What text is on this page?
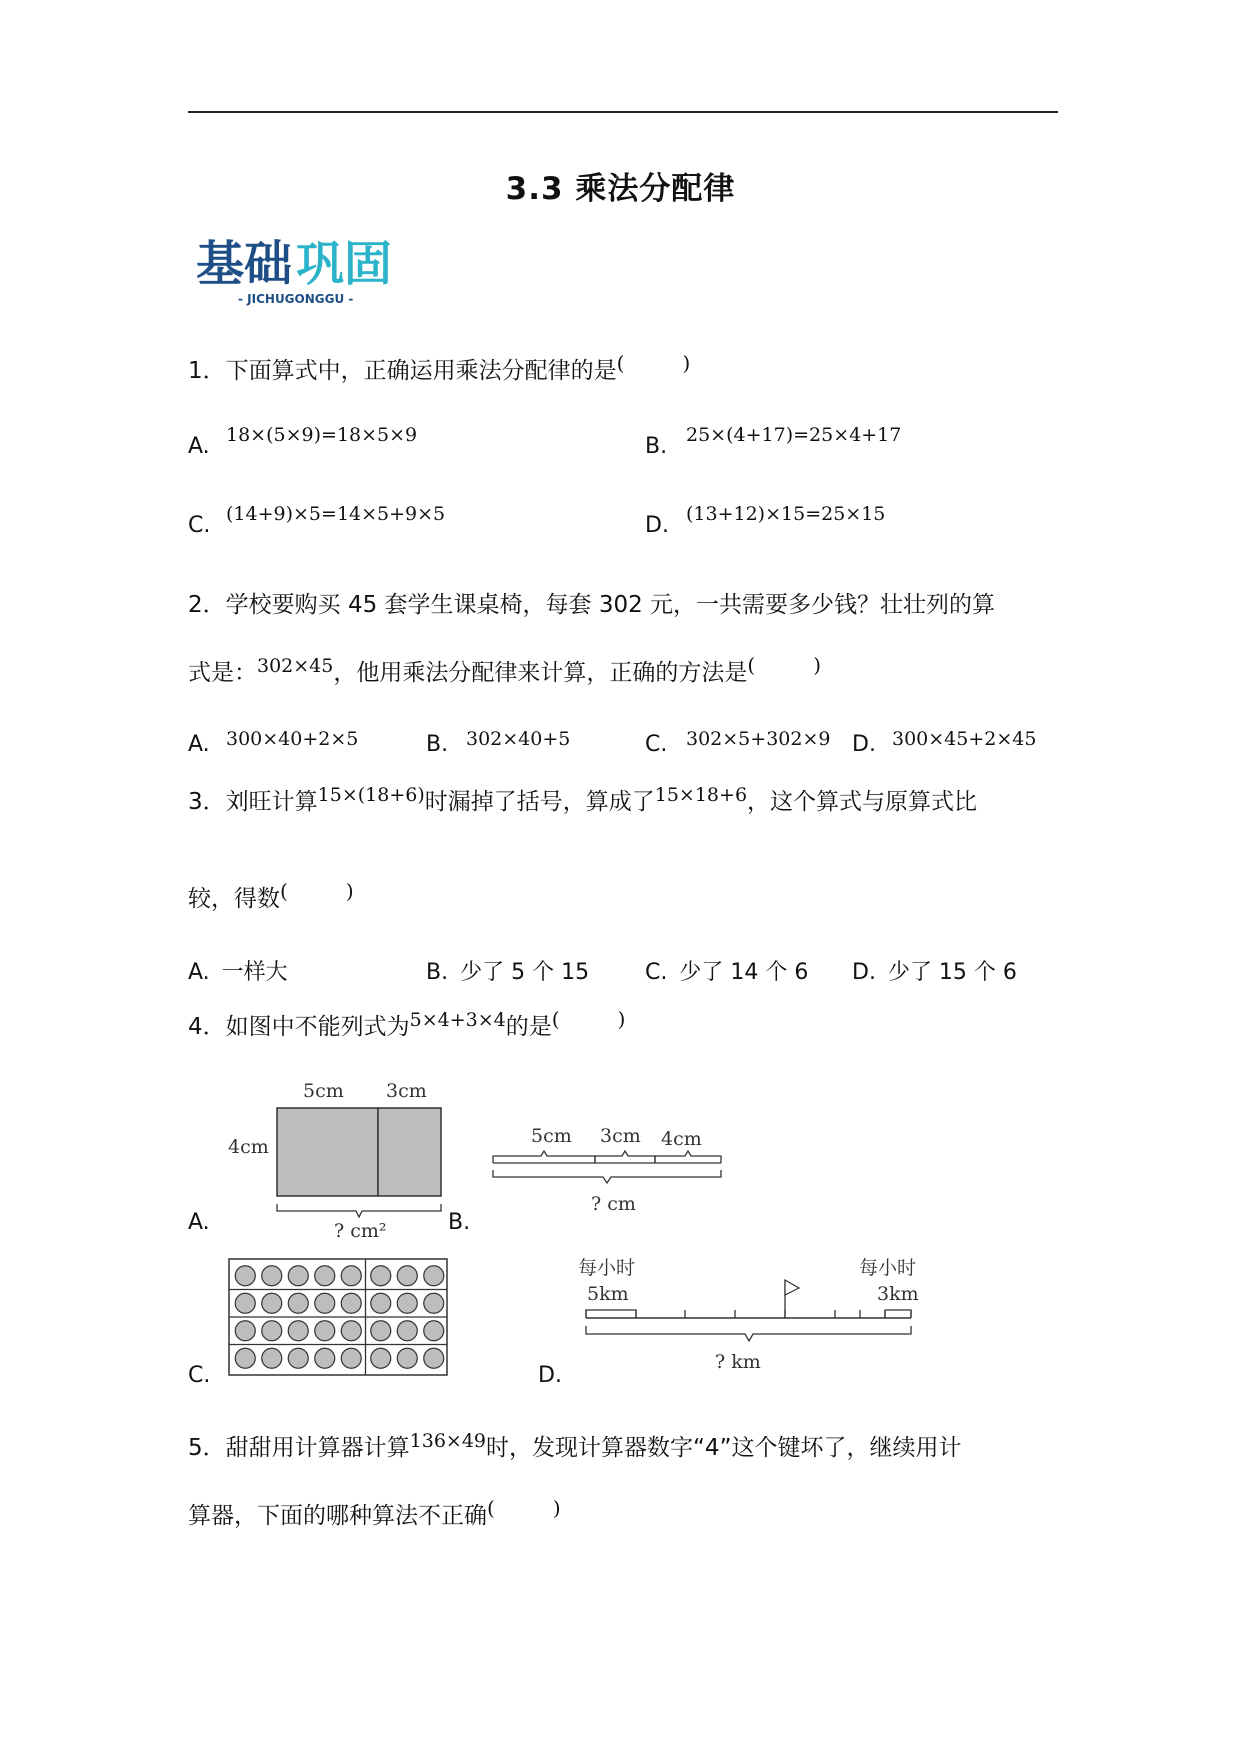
3.3 乘法分配律
基础 巩固
- JICHUGONGGU -
1．下面算式中，正确运用乘法分配律的是(	)
A. 18×(5×9)=18×5×9	B. 25×(4+17)=25×4+17
C. (14+9)×5=14×5+9×5	D. (13+12)×15=25×15
2．学校要购买 45 套学生课桌椅，每套 302 元，一共需要多少钱？壮壮列的算
式是：$^{302\times 45}$，他用乘法分配律来计算，正确的方法是(	)
A. 300×40+2×5	B. 302×40+5	C. 302×5+302×9 D. 300×45+2×45
3．刘旺计算$^{15\times(18+6)}$时漏掉了括号，算成了$^{15\times 18+6}$，这个算式与原算式比
较，得数(	)
A. 一样大	B. 少了 5 个 15	C. 少了 14 个 6 D. 少了 15 个 6
4．如图中不能列式为$^{5\times 4+3\times 4}$的是(	)
A.
5cm 3cm
4cm
? cm²	B.
5cm 3cm 4cm
? cm
C.	D.
每小时
5km
每小时
3km
? km
5．甜甜用计算器计算$^{136\times 49}$时，发现计算器数字“4”这个键坏了，继续用计
算器，下面的哪种算法不正确(	)
